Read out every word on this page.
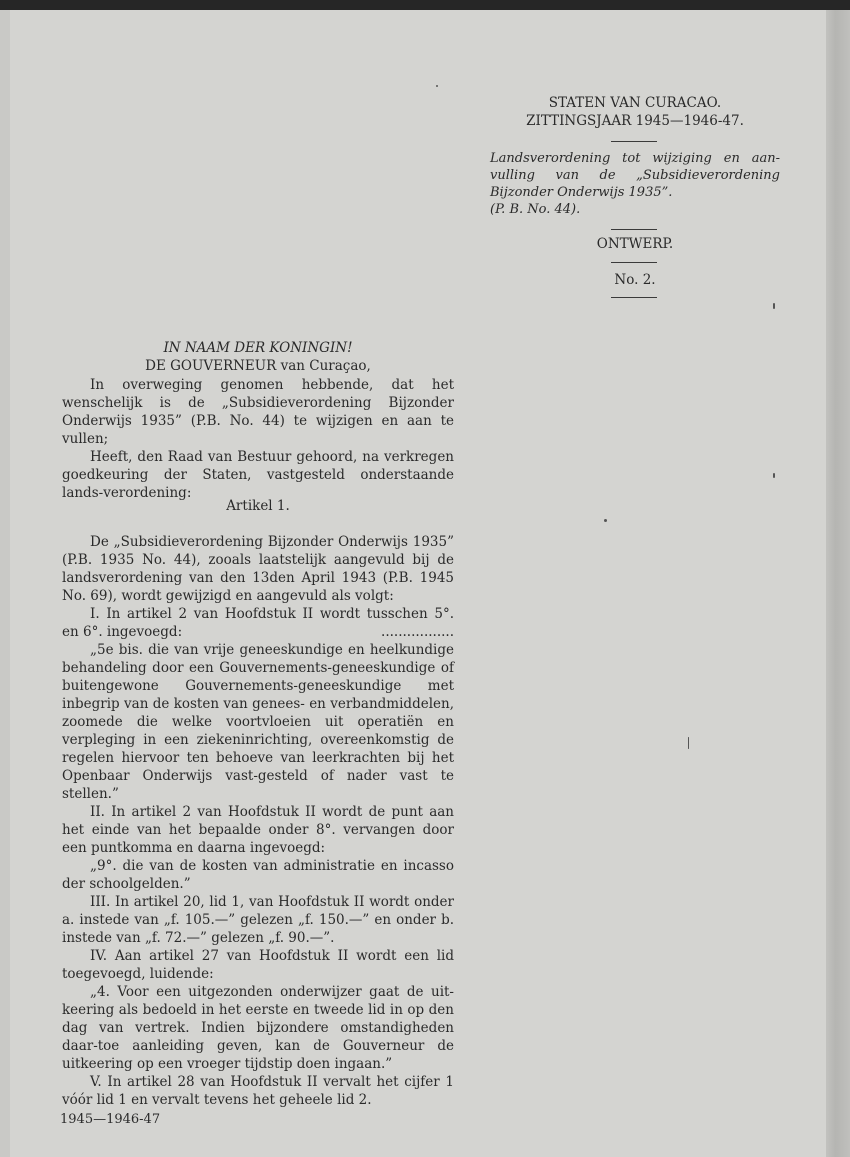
STATEN VAN CURACAO.
ZITTINGSJAAR 1945—1946-47.
Landsverordening tot wijziging en aan-
vulling van de „Subsidieverordening
Bijzonder Onderwijs 1935”.
(P. B. No. 44).
ONTWERP.
No. 2.
IN NAAM DER KONINGIN!
DE GOUVERNEUR van Curaçao,

In overweging genomen hebbende, dat het wenschelijk is de „Subsidieverordening Bijzonder Onderwijs 1935” (P.B. No. 44) te wijzigen en aan te vullen;

Heeft, den Raad van Bestuur gehoord, na verkregen goedkeuring der Staten, vastgesteld onderstaande lands-verordening:

Artikel 1.

De „Subsidieverordening Bijzonder Onderwijs 1935” (P.B. 1935 No. 44), zooals laatstelijk aangevuld bij de landsverordening van den 13den April 1943 (P.B. 1945 No. 69), wordt gewijzigd en aangevuld als volgt:

I. In artikel 2 van Hoofdstuk II wordt tusschen 5°.

en 6°. ingevoegd:	.................

„5e bis. die van vrije geneeskundige en heelkundige behandeling door een Gouvernements-geneeskundige of buitengewone Gouvernements-geneeskundige met inbegrip van de kosten van genees- en verbandmiddelen, zoomede die welke voortvloeien uit operatiën en verpleging in een ziekeninrichting, overeenkomstig de regelen hiervoor ten behoeve van leerkrachten bij het Openbaar Onderwijs vast-gesteld of nader vast te stellen.”

II. In artikel 2 van Hoofdstuk II wordt de punt aan het einde van het bepaalde onder 8°. vervangen door een puntkomma en daarna ingevoegd:

„9°. die van de kosten van administratie en incasso der schoolgelden.”

III. In artikel 20, lid 1, van Hoofdstuk II wordt onder a. instede van „f. 105.—” gelezen „f. 150.—” en onder b. instede van „f. 72.—” gelezen „f. 90.—”.

IV. Aan artikel 27 van Hoofdstuk II wordt een lid toegevoegd, luidende:

„4. Voor een uitgezonden onderwijzer gaat de uit-keering als bedoeld in het eerste en tweede lid in op den dag van vertrek. Indien bijzondere omstandigheden daar-toe aanleiding geven, kan de Gouverneur de uitkeering op een vroeger tijdstip doen ingaan.”

V. In artikel 28 van Hoofdstuk II vervalt het cijfer 1 vóór lid 1 en vervalt tevens het geheele lid 2.

1945—1946-47
